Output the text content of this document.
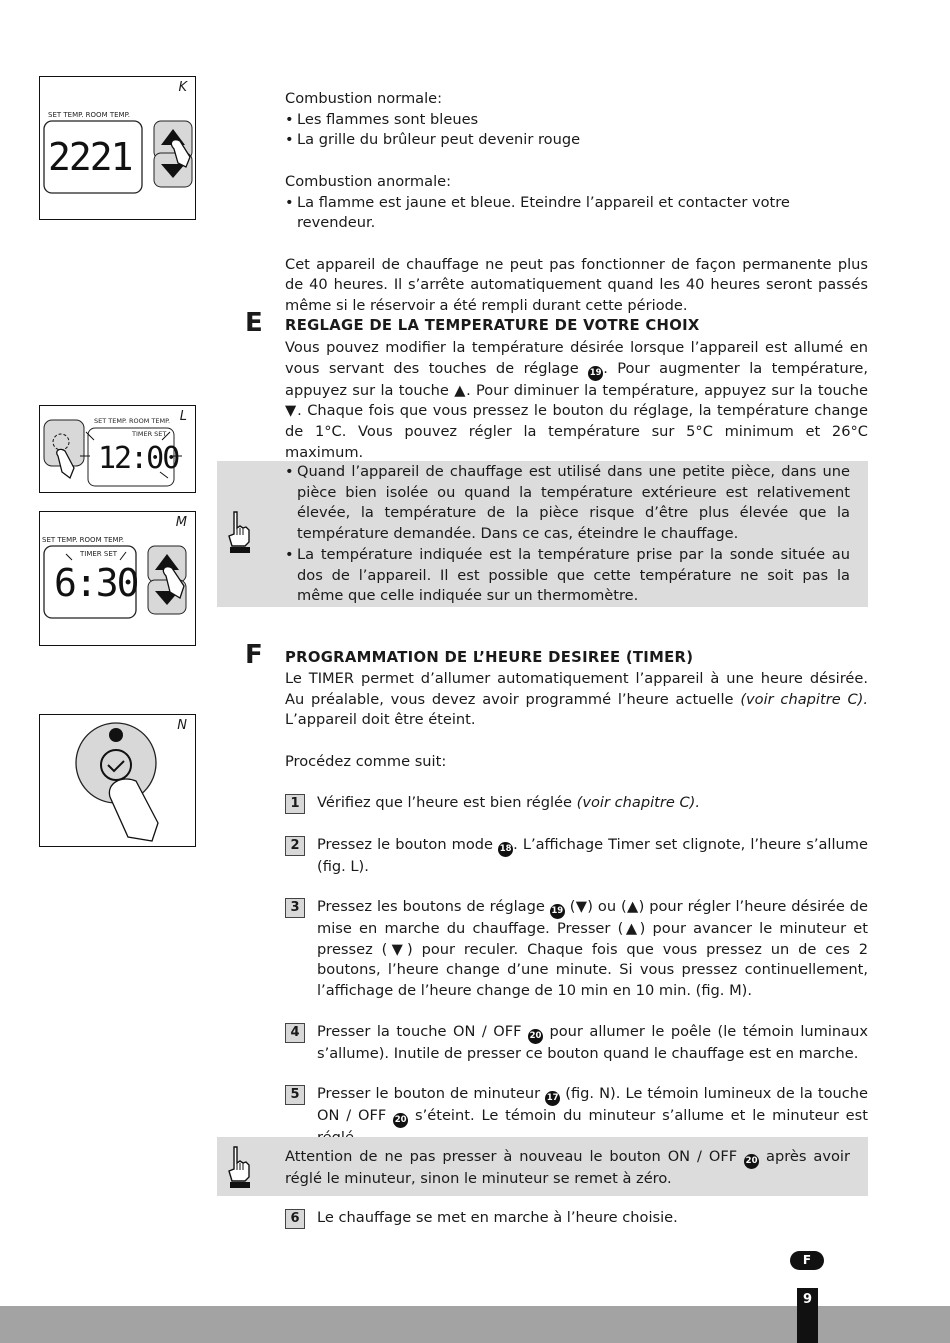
K
SET TEMP. ROOM TEMP.
2221
L
SET TEMP. ROOM TEMP.
TIMER SET
12:00
M
SET TEMP. ROOM TEMP.
TIMER SET
6:30
N

Combustion normale:

• Les flammes sont bleues

• La grille du brûleur peut devenir rouge

Combustion anormale:

• La flamme est jaune et bleue. Eteindre l’appareil et contacter votre revendeur.

Cet appareil de chauffage ne peut pas fonctionner de façon permanente plus de 40 heures. Il s’arrête automatiquement quand les 40 heures seront passés même si le réservoir a été rempli durant cette période.

E REGLAGE DE LA TEMPERATURE DE VOTRE CHOIX

Vous pouvez modifier la température désirée lorsque l’appareil est allumé en vous servant des touches de réglage 19 . Pour augmenter la température, appuyez sur la touche ▲. Pour diminuer la température, appuyez sur la touche ▼. Chaque fois que vous pressez le bouton du réglage, la température change de 1°C. Vous pouvez régler la température sur 5°C minimum et 26°C maximum.

• Quand l’appareil de chauffage est utilisé dans une petite pièce, dans une pièce bien isolée ou quand la température extérieure est relativement élevée, la température de la pièce risque d’être plus élevée que la température demandée. Dans ce cas, éteindre le chauffage.

• La température indiquée est la température prise par la sonde située au dos de l’appareil. Il est possible que cette température ne soit pas la même que celle indiquée sur un thermomètre.

F PROGRAMMATION DE L’HEURE DESIREE (TIMER)

Le TIMER permet d’allumer automatiquement l’appareil à une heure désirée. Au préalable, vous devez avoir programmé l’heure actuelle (voir chapitre C). L’appareil doit être éteint.

Procédez comme suit:

1	Vérifiez que l’heure est bien réglée (voir chapitre C).

2	Pressez le bouton mode 18 . L’affichage Timer set clignote, l’heure s’allume (fig. L).

3	Pressez les boutons de réglage 19 (▼) ou (▲) pour régler l’heure désirée de mise en marche du chauffage. Presser (▲) pour avancer le minuteur et pressez (▼) pour reculer. Chaque fois que vous pressez un de ces 2 boutons, l’heure change d’une minute. Si vous pressez continuellement, l’affichage de l’heure change de 10 min en 10 min. (fig. M).

4	Presser la touche ON / OFF 20 pour allumer le poêle (le témoin luminaux s’allume). Inutile de presser ce bouton quand le chauffage est en marche.

5	Presser le bouton de minuteur 17 (fig. N). Le témoin lumineux de la touche ON / OFF 20 s’éteint. Le témoin du minuteur s’allume et le minuteur est

Attention de ne pas presser à nouveau le bouton ON / OFF 20 après avoir réglé le minuteur, sinon le minuteur se remet à zéro.

6	Le chauffage se met en marche à l’heure choisie.

F
9
